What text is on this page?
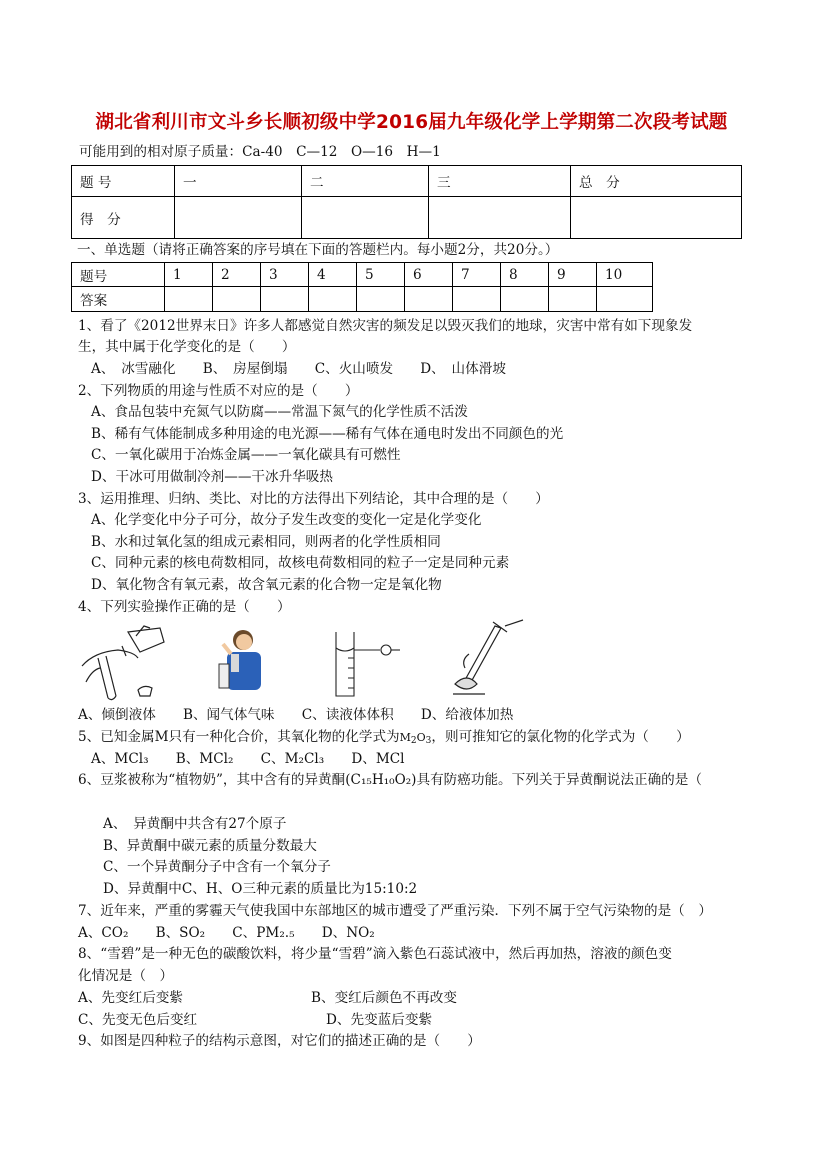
湖北省利川市文斗乡长顺初级中学2016届九年级化学上学期第二次段考试题
可能用到的相对原子质量：Ca-40　C—12　O—16　H—1
题 号	一	二	三	总　分
得　分				
一、单选题（请将正确答案的序号填在下面的答题栏内。每小题2分，共20分。）
题号	1	2	3	4	5	6	7	8	9	10
答案										
1、看了《2012世界末日》许多人都感觉自然灾害的频发足以毁灭我们的地球，灾害中常有如下现象发
生，其中属于化学变化的是（　　）
A、　冰雪融化　　B、　房屋倒塌　　C、火山喷发　　D、　山体滑坡
2、下列物质的用途与性质不对应的是（　　）
A、食品包装中充氮气以防腐——常温下氮气的化学性质不活泼
B、稀有气体能制成多种用途的电光源——稀有气体在通电时发出不同颜色的光
C、一氧化碳用于冶炼金属——一氧化碳具有可燃性
D、干冰可用做制冷剂——干冰升华吸热
3、运用推理、归纳、类比、对比的方法得出下列结论，其中合理的是（　　）
A、化学变化中分子可分，故分子发生改变的变化一定是化学变化
B、水和过氧化氢的组成元素相同，则两者的化学性质相同
C、同种元素的核电荷数相同，故核电荷数相同的粒子一定是同种元素
D、氧化物含有氧元素，故含氧元素的化合物一定是氧化物
4、下列实验操作正确的是（　　）
A、倾倒液体　　B、闻气体气味　　C、读液体体积　　D、给液体加热
5、已知金属M只有一种化合价，其氧化物的化学式为$M_2O_3$，则可推知它的氯化物的化学式为（　　）
A、MCl₃　　B、MCl₂　　C、M₂Cl₃　　D、MCl
6、豆浆被称为“植物奶”，其中含有的异黄酮(C₁₅H₁₀O₂)具有防癌功能。下列关于异黄酮说法正确的是（
A、　异黄酮中共含有27个原子
B、异黄酮中碳元素的质量分数最大
C、一个异黄酮分子中含有一个氧分子
D、异黄酮中C、H、O三种元素的质量比为15:10:2
7、近年来，严重的雾霾天气使我国中东部地区的城市遭受了严重污染．下列不属于空气污染物的是（　）
A、CO₂　　B、SO₂　　C、PM₂.₅　　D、NO₂
8、“雪碧”是一种无色的碳酸饮料，将少量“雪碧”滴入紫色石蕊试液中，然后再加热，溶液的颜色变
化情况是（　）
A、先变红后变紫	B、变红后颜色不再改变
C、先变无色后变红	D、先变蓝后变紫
9、如图是四种粒子的结构示意图，对它们的描述正确的是（　　）
